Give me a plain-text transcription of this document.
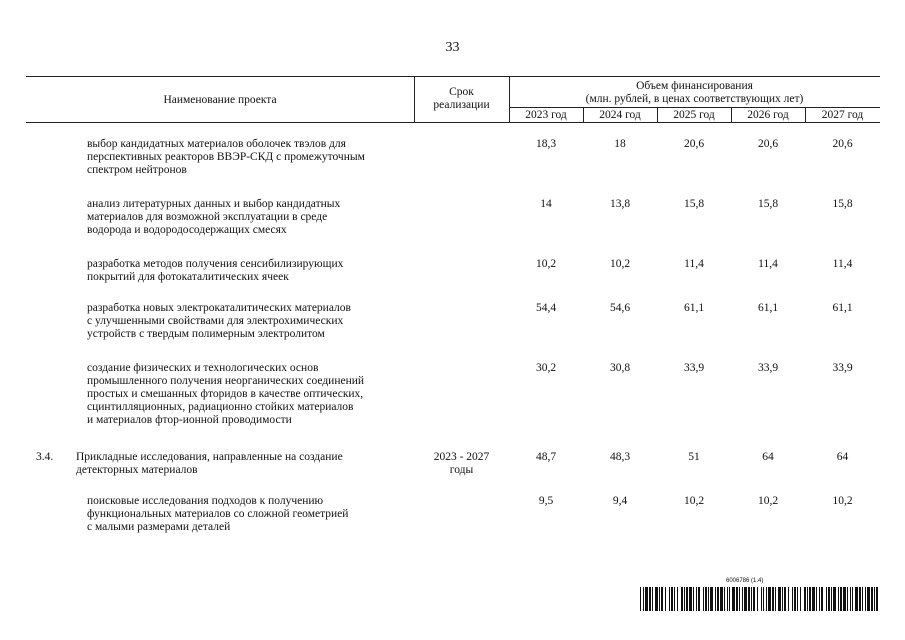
33
Наименование проекта
Срок
реализации
Объем финансирования
(млн. рублей, в ценах соответствующих лет)
2023 год	2024 год	2025 год	2026 год	2027 год
выбор кандидатных материалов оболочек твэлов для
перспективных реакторов ВВЭР-СКД с промежуточным
спектром нейтронов
18,3	18	20,6	20,6	20,6
анализ литературных данных и выбор кандидатных
материалов для возможной эксплуатации в среде
водорода и водородосодержащих смесях
14	13,8	15,8	15,8	15,8
разработка методов получения сенсибилизирующих
покрытий для фотокаталитических ячеек
10,2	10,2	11,4	11,4	11,4
разработка новых электрокаталитических материалов
с улучшенными свойствами для электрохимических
устройств с твердым полимерным электролитом
54,4	54,6	61,1	61,1	61,1
создание физических и технологических основ
промышленного получения неорганических соединений
простых и смешанных фторидов в качестве оптических,
сцинтилляционных, радиационно стойких материалов
и материалов фтор-ионной проводимости
30,2	30,8	33,9	33,9	33,9
3.4.	Прикладные исследования, направленные на создание
детекторных материалов
2023 - 2027
годы
48,7	48,3	51	64	64
поисковые исследования подходов к получению
функциональных материалов со сложной геометрией
с малыми размерами деталей
9,5	9,4	10,2	10,2	10,2
6006786 (1.4)
